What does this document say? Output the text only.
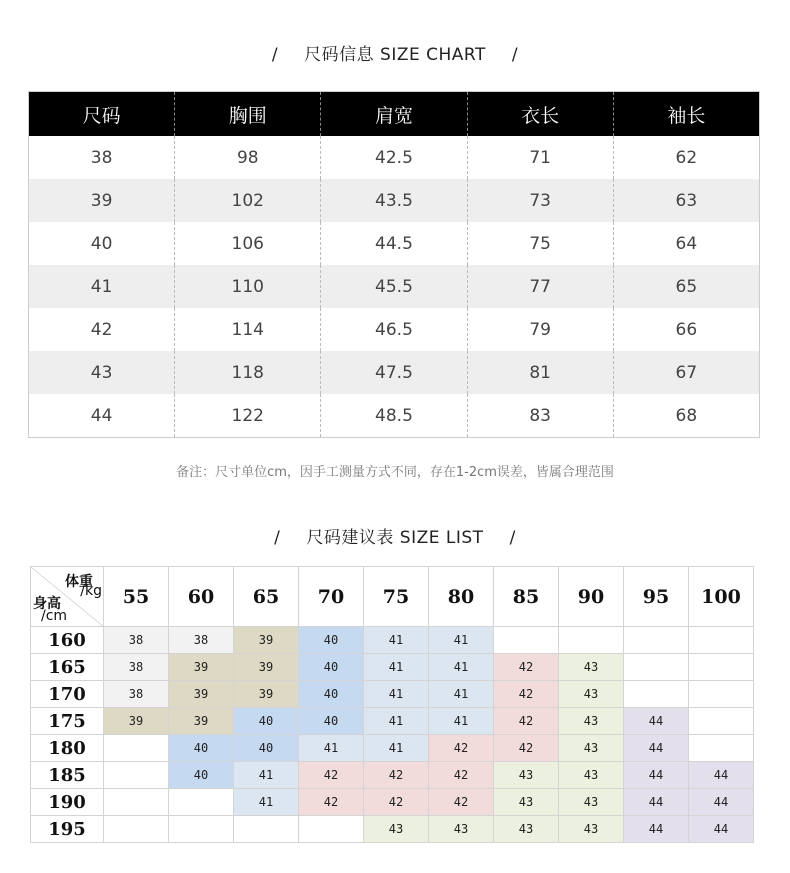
/ 尺码信息 SIZE CHART /
尺码	胸围	肩宽	衣长	袖长
38	98	42.5	71	62
39	102	43.5	73	63
40	106	44.5	75	64
41	110	45.5	77	65
42	114	46.5	79	66
43	118	47.5	81	67
44	122	48.5	83	68
备注：尺寸单位cm，因手工测量方式不同，存在1-2cm误差，皆属合理范围
/ 尺码建议表 SIZE LIST /
体重
/kg
身高
/cm	55	60	65	70	75	80	85	90	95	100
160	38	38	39	40	41	41				
165	38	39	39	40	41	41	42	43		
170	38	39	39	40	41	41	42	43		
175	39	39	40	40	41	41	42	43	44	
180		40	40	41	41	42	42	43	44	
185		40	41	42	42	42	43	43	44	44
190			41	42	42	42	43	43	44	44
195					43	43	43	43	44	44
